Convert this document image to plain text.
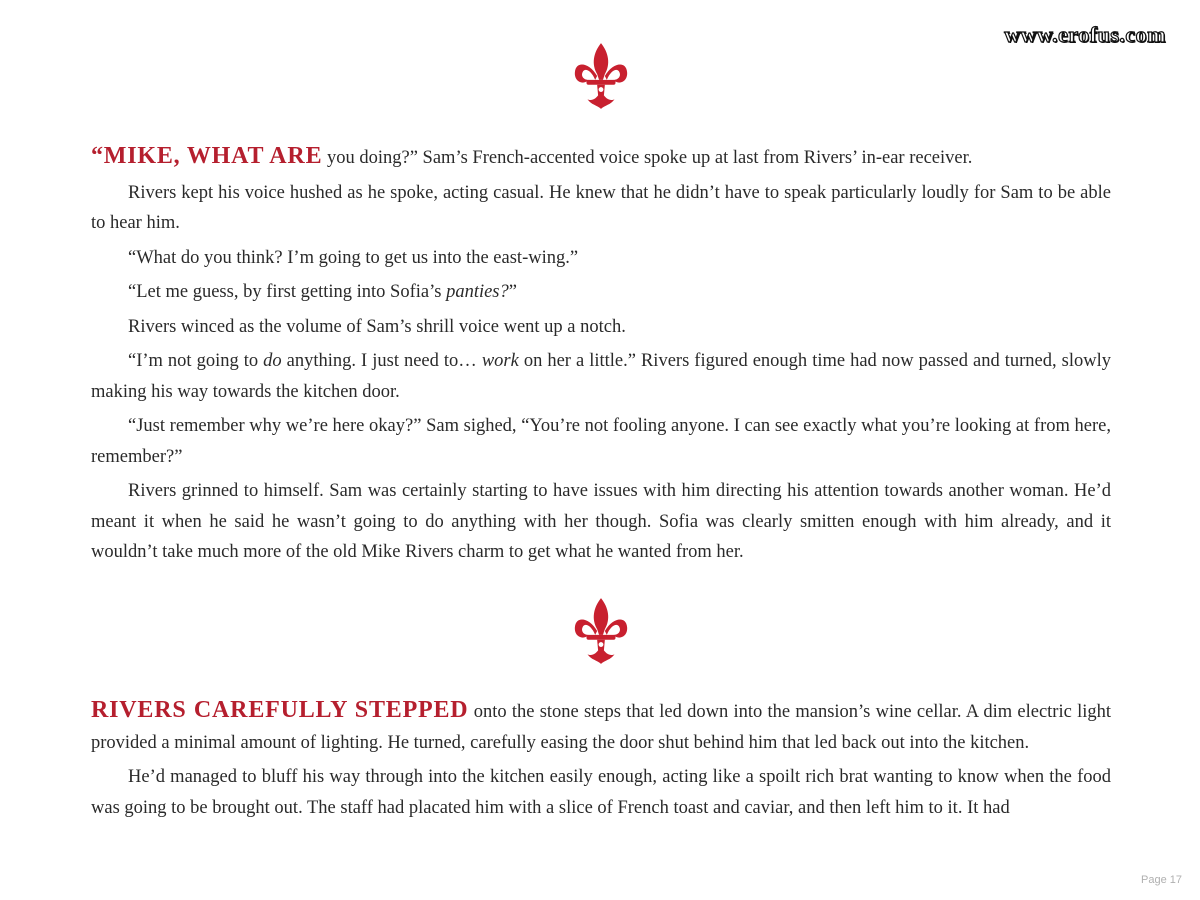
www.erofus.com

“MIKE, WHAT ARE you doing?” Sam’s French-accented voice spoke up at last from Rivers’ in-ear receiver.

Rivers kept his voice hushed as he spoke, acting casual. He knew that he didn’t have to speak particularly loudly for Sam to be able to hear him.

“What do you think? I’m going to get us into the east-wing.”

“Let me guess, by first getting into Sofia’s panties?”

Rivers winced as the volume of Sam’s shrill voice went up a notch.

“I’m not going to do anything. I just need to… work on her a little.” Rivers figured enough time had now passed and turned, slowly making his way towards the kitchen door.

“Just remember why we’re here okay?” Sam sighed, “You’re not fooling anyone. I can see exactly what you’re looking at from here, remember?”

Rivers grinned to himself. Sam was certainly starting to have issues with him directing his attention towards another woman. He’d meant it when he said he wasn’t going to do anything with her though. Sofia was clearly smitten enough with him already, and it wouldn’t take much more of the old Mike Rivers charm to get what he wanted from her.

RIVERS CAREFULLY STEPPED onto the stone steps that led down into the mansion’s wine cellar. A dim electric light provided a minimal amount of lighting. He turned, carefully easing the door shut behind him that led back out into the kitchen.

He’d managed to bluff his way through into the kitchen easily enough, acting like a spoilt rich brat wanting to know when the food was going to be brought out. The staff had placated him with a slice of French toast and caviar, and then left him to it. It had

Page 17
